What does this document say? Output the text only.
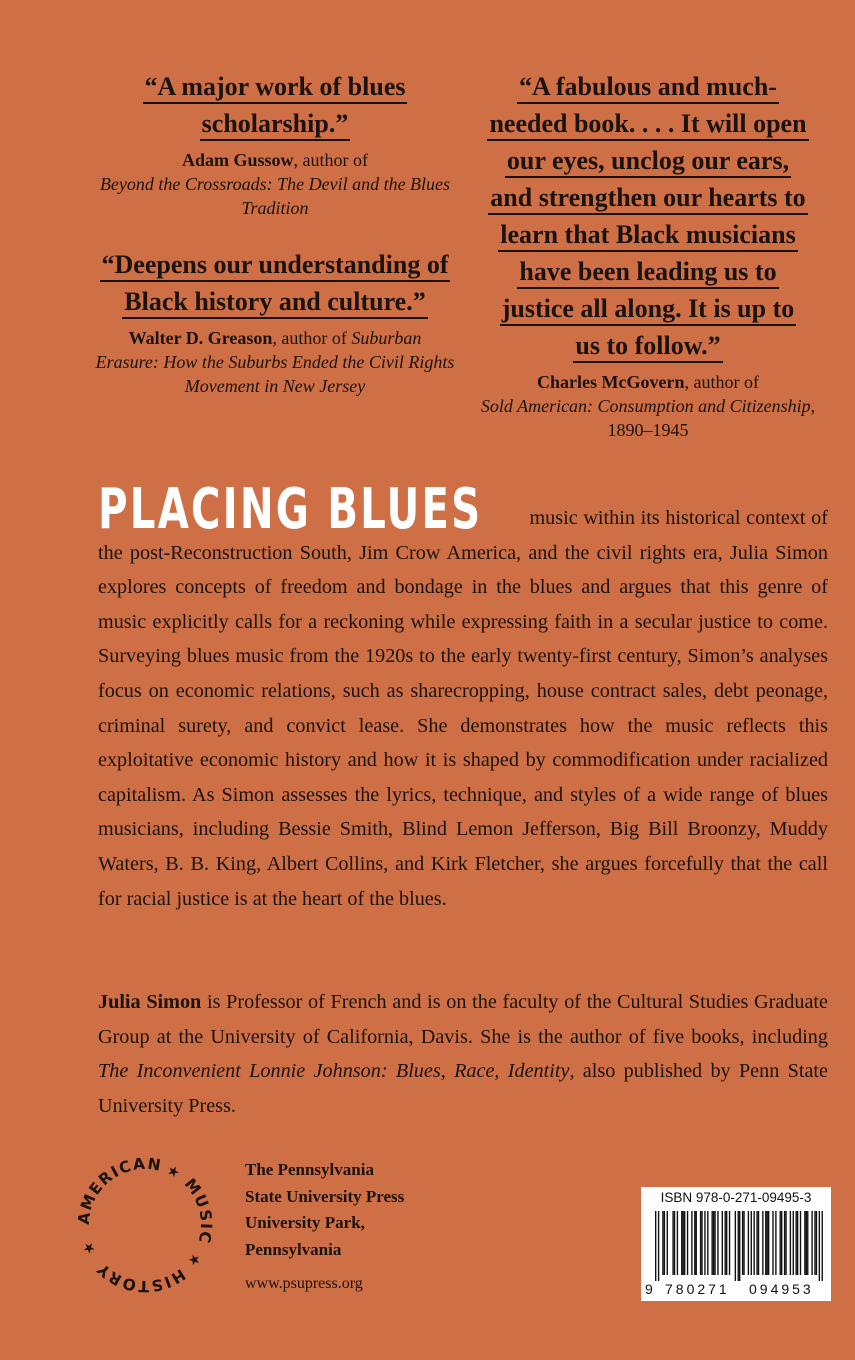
“A major work of blues
scholarship.”

Adam Gussow, author of
Beyond the Crossroads: The Devil and the Blues Tradition

“Deepens our understanding of
Black history and culture.”

Walter D. Greason, author of Suburban Erasure: How the Suburbs Ended the Civil Rights Movement in New Jersey

“A fabulous and much-
needed book. . . . It will open
our eyes, unclog our ears,
and strengthen our hearts to
learn that Black musicians
have been leading us to
justice all along. It is up to
us to follow.”

Charles McGovern, author of
Sold American: Consumption and Citizenship, 1890–1945

PLACING BLUES music within its historical context of the post-Reconstruction South, Jim Crow America, and the civil rights era, Julia Simon explores concepts of freedom and bondage in the blues and argues that this genre of music explicitly calls for a reckoning while expressing faith in a secular justice to come. Surveying blues music from the 1920s to the early twenty-first century, Simon’s analyses focus on economic relations, such as sharecropping, house contract sales, debt peonage, criminal surety, and convict lease. She demonstrates how the music reflects this exploitative economic history and how it is shaped by commodification under racialized capitalism. As Simon assesses the lyrics, technique, and styles of a wide range of blues musicians, including Bessie Smith, Blind Lemon Jefferson, Big Bill Broonzy, Muddy Waters, B. B. King, Albert Collins, and Kirk Fletcher, she argues forcefully that the call for racial justice is at the heart of the blues.
Julia Simon is Professor of French and is on the faculty of the Cultural Studies Graduate Group at the University of California, Davis. She is the author of five books, including The Inconvenient Lonnie Johnson: Blues, Race, Identity, also published by Penn State University Press.
AMERICAN
MUSIC
HISTORY
★
★
★
The Pennsylvania
State University Press
University Park,
Pennsylvania
www.psupress.org
ISBN 978-0-271-09495-3
9 780271 094953
